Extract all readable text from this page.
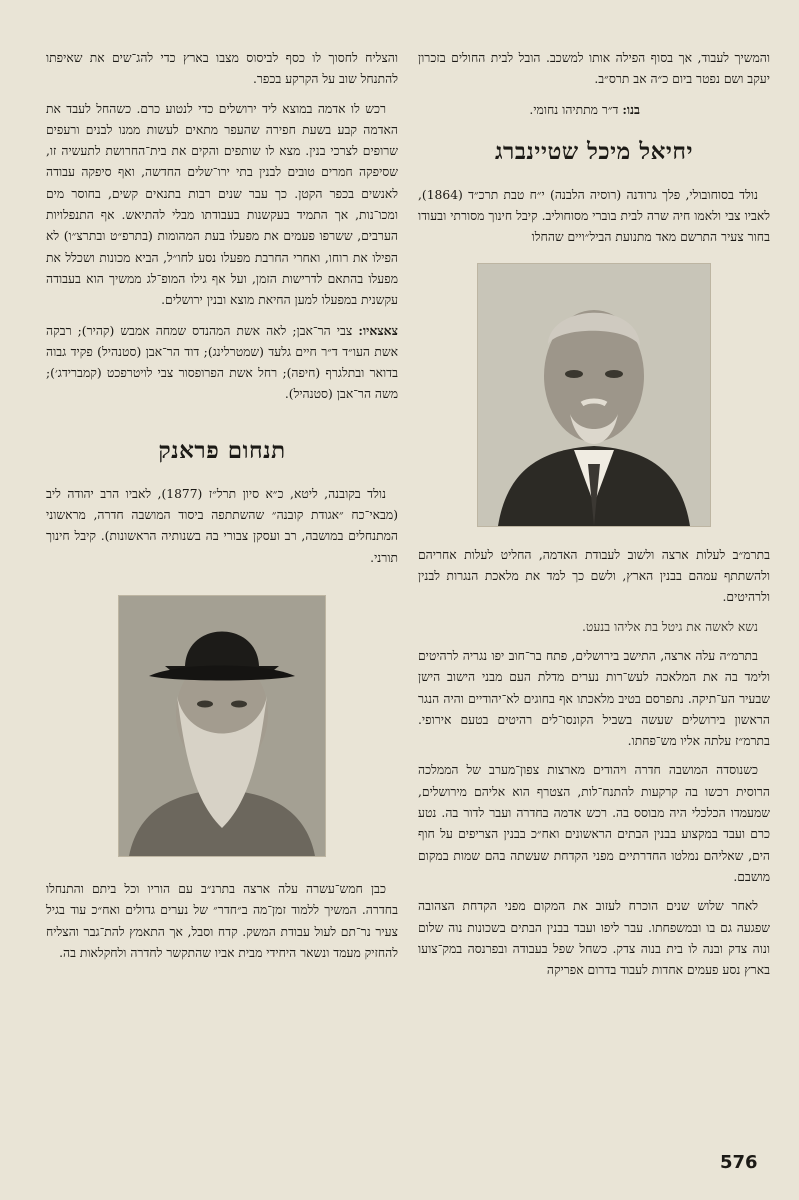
והמשיך לעבוד, אך בסוף הפילה אותו למשכב. הובל לבית החולים בזכרון יעקב ושם נפטר ביום כ״ה אב תרס״ב.

בנו: ד״ר מתתיהו נחומי.

יחיאל מיכל שטיינברג

נולד בסוחובולי, פלך גרודנה (רוסיה הלבנה) י״ח טבת תרכ״ד (1864), לאביו צבי ולאמו חיה שרה לבית בוברי מסוחוליב. קיבל חינוך מסורתי ובעודו בחור צעיר התרשם מאד מתנועת הביל״ויים שהחלו

בתרמ״ב לעלות ארצה ולשוב לעבודת האדמה, החליט לעלות אחריהם ולהשתתף עמהם בבנין הארץ, ולשם כך למד את מלאכת הנגרות לבנין ולרהיטים.

נשא לאשה את גיטל בת אליהו בנעט.

בתרמ״ה עלה ארצה, התישב בירושלים, פתח בר־חוב יפו נגריה לרהיטים ולימד בה את המלאכה לעש־רות נערים מדלת העם מבני הישוב הישן שבעיר הע־תיקה. נתפרסם בטיב מלאכתו אף בחוגים לא־יהודיים והיה הנגר הראשון בירושלים שעשה בשביל הקונסו־לים רהיטים בטעם אירופי. בתרמ״ז עלתה אליו מש־פחתו.

כשנוסדה המושבה חדרה ויהודים מארצות צפון־מערב של הממלכה הרוסית רכשו בה קרקעות להתנח־לות, הצטרף הוא אליהם מירושלים, שמעמדו הכלכלי היה מבוסס בה. רכש אדמה בחדרה ועבר לדור בה. נטע כרם ועבד במקצוע בבנין הבתים הראשונים ואח״כ בבנין הצריפים על חוף הים, שאליהם נמלטו החדרתיים מפני הקדחת שעשתה בהם שמות במקום מושבם.

לאחר שלוש שנים הוכרח לעזוב את המקום מפני הקדחת הצהובה שפגעה גם בו ובמשפחתו. עבר ליפו ועבד בבנין הבתים בשכונות נוה שלום ונוה צדק ובנה לו בית בנוה צדק. כשחל שפל בעבודה ובפרנסה במק־צועו בארץ נסע פעמים אחדות לעבוד בדרום אפריקה

והצליח לחסוך לו כסף לביסוס מצבו בארץ כדי להג־שים את שאיפתו להתנחל שוב על הקרקע בכפר.

רכש לו אדמה במוצא ליד ירושלים כדי לנטוע כרם. כשהחל לעבד את האדמה קבע בשעת חפירה שהעפר מתאים לעשות ממנו לבנים ורעפים שרופים לצרכי בנין. מצא לו שותפים והקים את בית־החרושת לתעשיה זו, שסיפקה חמרים טובים לבנין בתי ירו־שלים החדשה, ואף סיפקה עבודה לאנשים בכפר הקטן. כך עבר שנים רבות בתנאים קשים, בחוסר מים ומכו־נות, אך התמיד בעקשנות בעבודתו מבלי להתיאש. אף התנפלויות הערבים, ששרפו פעמים את מפעלו בעת המהומות (בתרפ״ט ובתרצ״ו) לא הפילו את רוחו, ואחרי החרבת מפעלו נסע לחו״ל, הביא מכונות ושכלל את מפעלו בהתאם לדרישות הזמן, ועל אף גילו המופ־לג ממשיך הוא בעבודה עקשנית במפעלו למען החיאת מוצא ובנין ירושלים.

צאצאיו: צבי הר־אבן; לאה אשת המהנדס שמחה אמבש (קהיר); רבקה אשת העו״ד ד״ר חיים גלעד (שמטרלינג); דוד הר־אבן (סטנהיל) פקיד גבוה בדואר ובתלגרף (חיפה); רחל אשת הפרופסור צבי לויטרפכט (קמברידג׳); משה הר־אבן (סטנהיל).

תנחום פראנק

נולד בקובנה, ליטא, כ״א סיון תרל״ז (1877), לאביו הרב יהודה ליב (מבאי־כח ״אגודת קובנה״ שהשתתפה ביסוד המושבה חדרה, מראשוני המתנחלים במושבה, רב ועסקן צבורי בה בשנותיה הראשונות). קיבל חינוך תורני.

כבן חמש־עשרה עלה ארצה בתרנ״ב עם הוריו וכל ביתם והתנחלו בחדרה. המשיך ללמוד זמן־מה ב״חדר״ של נערים גדולים ואח״כ עוד בגיל צעיר נר־תם לעול עבודת המשק. קדח וסבל, אך התאמץ להת־גבר והצליח להחזיק מעמד ונשאר היחידי מבית אביו שהתקשר לחדרה ולחקלאות בה.

576
